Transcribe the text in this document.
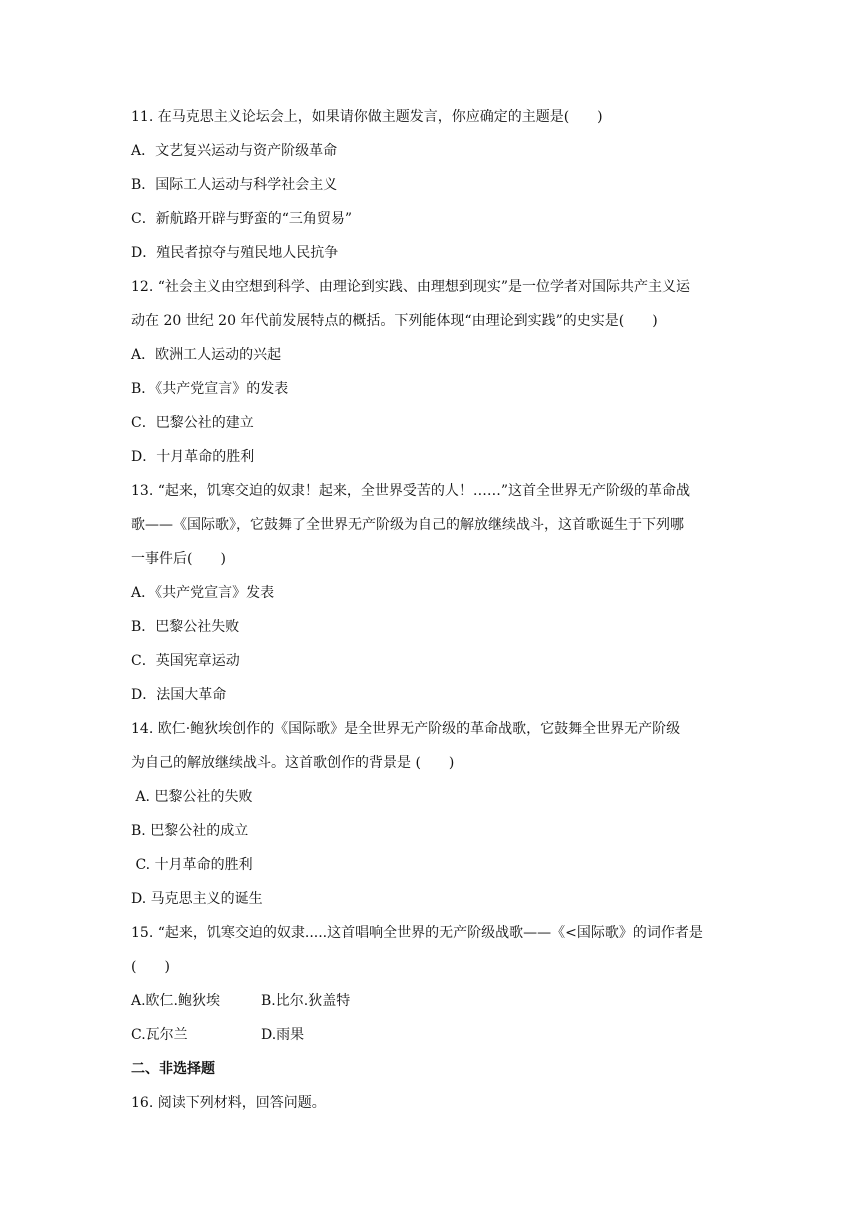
11. 在马克思主义论坛会上，如果请你做主题发言，你应确定的主题是(　　)
A．文艺复兴运动与资产阶级革命
B．国际工人运动与科学社会主义
C．新航路开辟与野蛮的“三角贸易”
D．殖民者掠夺与殖民地人民抗争
12. “社会主义由空想到科学、由理论到实践、由理想到现实”是一位学者对国际共产主义运
动在 20 世纪 20 年代前发展特点的概括。下列能体现“由理论到实践”的史实是(　　)
A．欧洲工人运动的兴起
B．《共产党宣言》的发表
C．巴黎公社的建立
D．十月革命的胜利
13. “起来，饥寒交迫的奴隶！起来，全世界受苦的人！……”这首全世界无产阶级的革命战
歌——《国际歌》，它鼓舞了全世界无产阶级为自己的解放继续战斗，这首歌诞生于下列哪
一事件后(　　)
A．《共产党宣言》发表
B．巴黎公社失败
C．英国宪章运动
D．法国大革命
14. 欧仁·鲍狄埃创作的《国际歌》是全世界无产阶级的革命战歌，它鼓舞全世界无产阶级
为自己的解放继续战斗。这首歌创作的背景是 (　　)
A. 巴黎公社的失败
B. 巴黎公社的成立
C. 十月革命的胜利
D. 马克思主义的诞生
15. “起来，饥寒交迫的奴隶.....这首唱响全世界的无产阶级战歌——《<国际歌》的词作者是
(　　)
A.欧仁.鲍狄埃	B.比尔.狄盖特
C.瓦尔兰	D.雨果
二、非选择题
16. 阅读下列材料，回答问题。
